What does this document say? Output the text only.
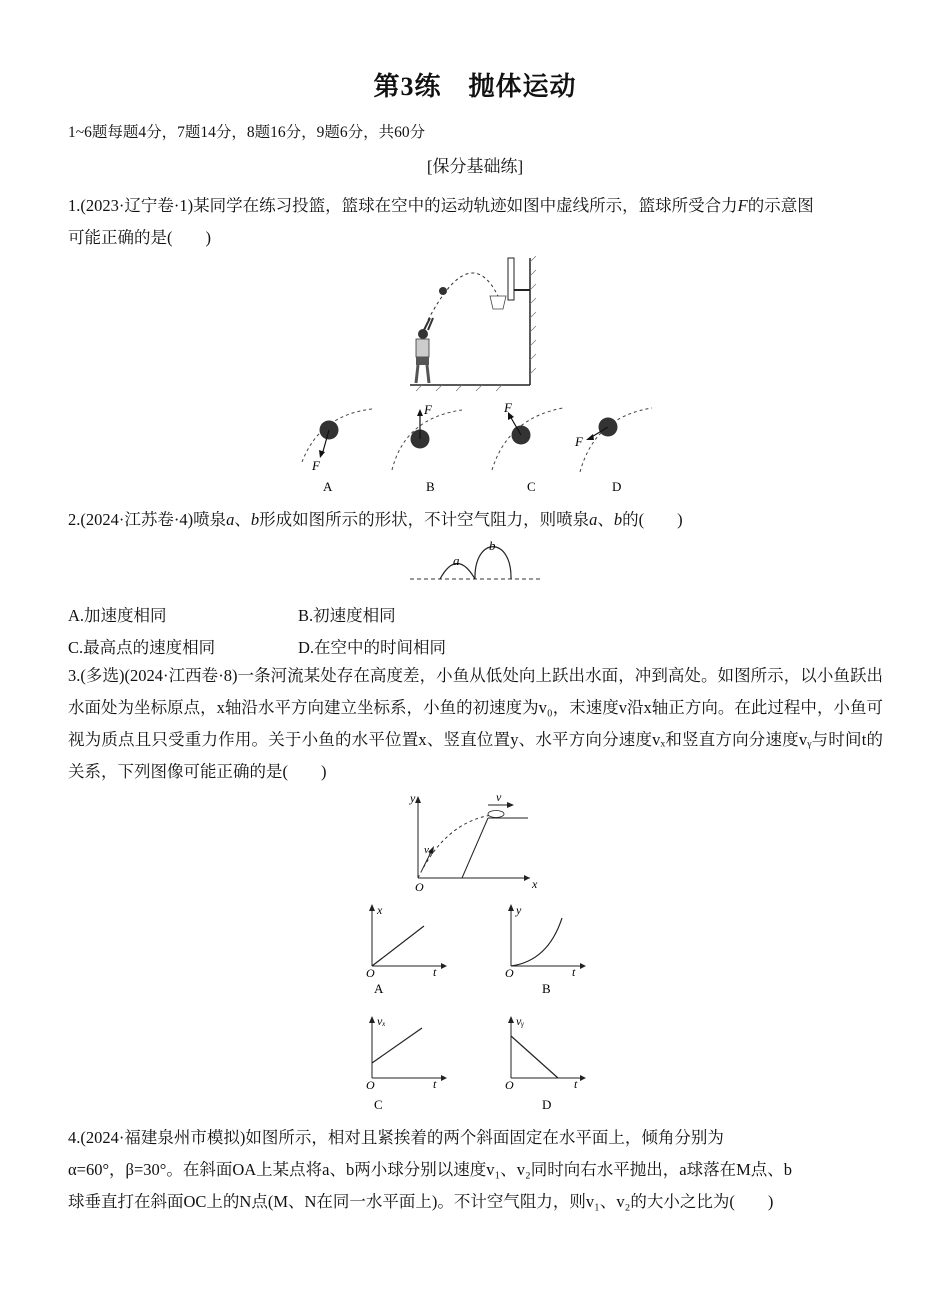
第3练　抛体运动
1~6题每题4分，7题14分，8题16分，9题6分，共60分
[保分基础练]
1.(2023·辽宁卷·1)某同学在练习投篮，篮球在空中的运动轨迹如图中虚线所示，篮球所受合力F的示意图
可能正确的是(　　)
F
A
F
B
F
C
F
D
a
b
y
x
O
v₀
v
x
t
O
A
y
t
O
B
vₓ
t
O
C
vᵧ
t
O
D
2.(2024·江苏卷·4)喷泉a、b形成如图所示的形状，不计空气阻力，则喷泉a、b的(　　)
A.加速度相同	B.初速度相同
C.最高点的速度相同	D.在空中的时间相同
3.(多选)(2024·江西卷·8)一条河流某处存在高度差，小鱼从低处向上跃出水面，冲到高处。如图所示，以小鱼跃出水面处为坐标原点，x轴沿水平方向建立坐标系，小鱼的初速度为v₀，末速度v沿x轴正方向。在此过程中，小鱼可视为质点且只受重力作用。关于小鱼的水平位置x、竖直位置y、水平方向分速度vₓ和竖直方向分速度vᵧ与时间t的关系，下列图像可能正确的是(　　)
4.(2024·福建泉州市模拟)如图所示，相对且紧挨着的两个斜面固定在水平面上，倾角分别为
α=60°，β=30°。在斜面OA上某点将a、b两小球分别以速度v₁、v₂同时向右水平抛出，a球落在M点、b
球垂直打在斜面OC上的N点(M、N在同一水平面上)。不计空气阻力，则v₁、v₂的大小之比为(　　)
